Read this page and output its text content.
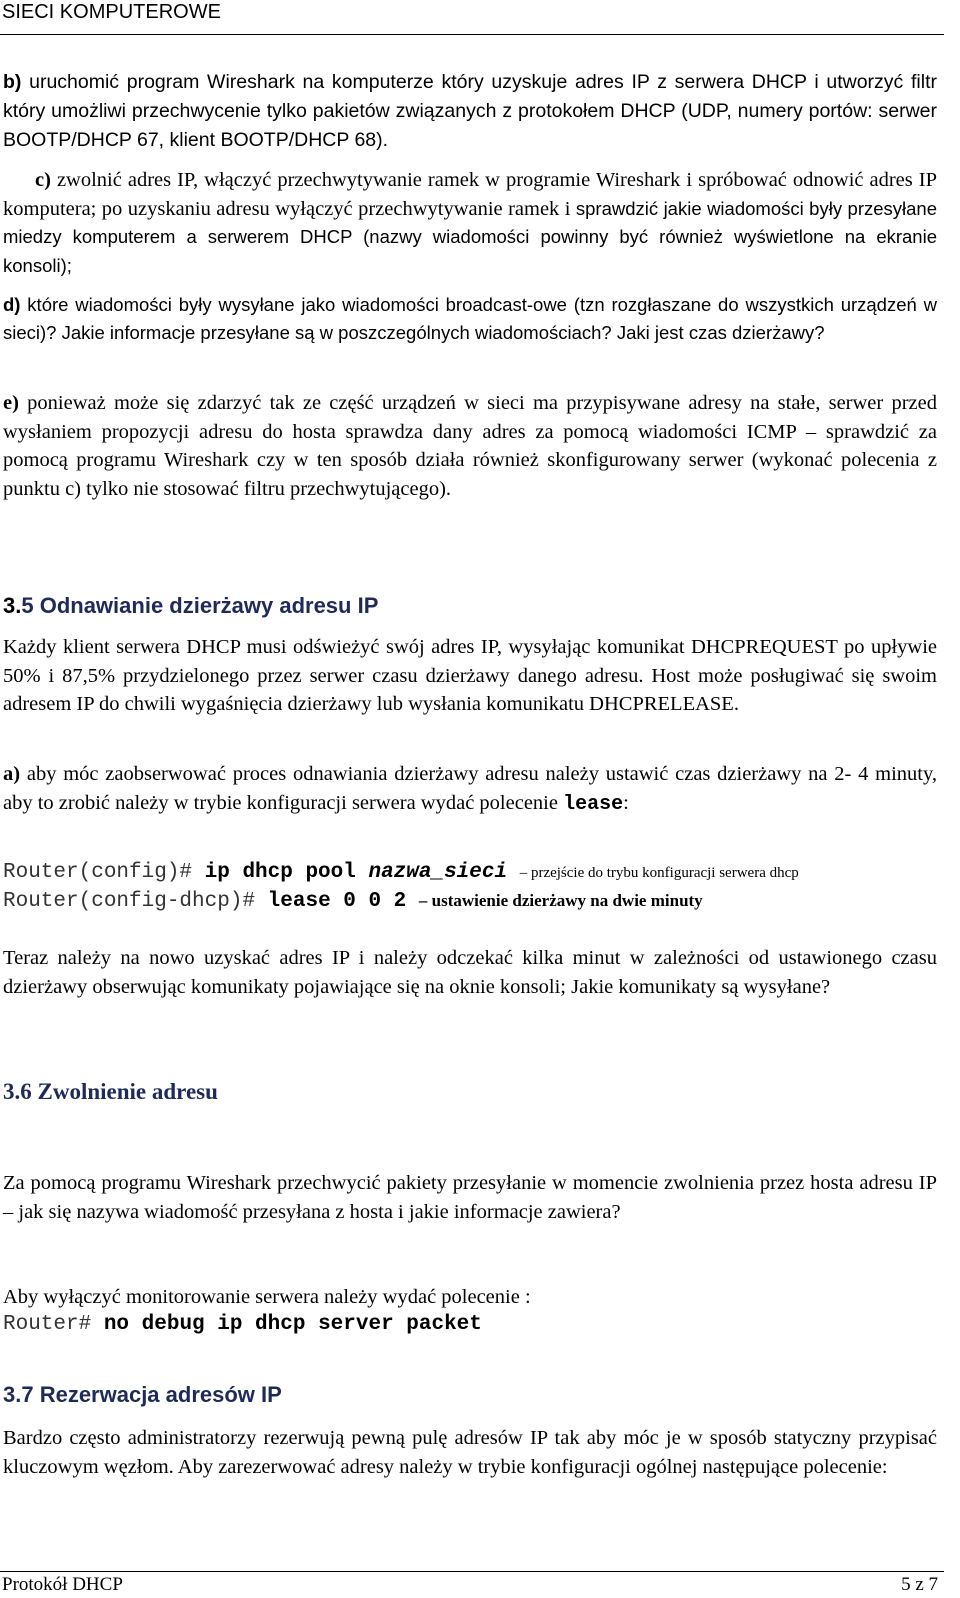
SIECI KOMPUTEROWE

b) uruchomić program Wireshark na komputerze który uzyskuje adres IP z serwera DHCP i utworzyć filtr który umożliwi przechwycenie tylko pakietów związanych z protokołem DHCP (UDP, numery portów: serwer BOOTP/DHCP 67, klient BOOTP/DHCP 68).

c) zwolnić adres IP, włączyć przechwytywanie ramek w programie Wireshark i spróbować odnowić adres IP komputera; po uzyskaniu adresu wyłączyć przechwytywanie ramek i sprawdzić jakie wiadomości były przesyłane miedzy komputerem a serwerem DHCP (nazwy wiadomości powinny być również wyświetlone na ekranie konsoli);

d) które wiadomości były wysyłane jako wiadomości broadcast-owe (tzn rozgłaszane do wszystkich urządzeń w sieci)? Jakie informacje przesyłane są w poszczególnych wiadomościach? Jaki jest czas dzierżawy?

e) ponieważ może się zdarzyć tak ze część urządzeń w sieci ma przypisywane adresy na stałe, serwer przed wysłaniem propozycji adresu do hosta sprawdza dany adres za pomocą wiadomości ICMP – sprawdzić za pomocą programu Wireshark czy w ten sposób działa również skonfigurowany serwer (wykonać polecenia z punktu c) tylko nie stosować filtru przechwytującego).

3.5 Odnawianie dzierżawy adresu IP

Każdy klient serwera DHCP musi odświeżyć swój adres IP, wysyłając komunikat DHCPREQUEST po upływie 50% i 87,5% przydzielonego przez serwer czasu dzierżawy danego adresu. Host może posługiwać się swoim adresem IP do chwili wygaśnięcia dzierżawy lub wysłania komunikatu DHCPRELEASE.

a) aby móc zaobserwować proces odnawiania dzierżawy adresu należy ustawić czas dzierżawy na 2- 4 minuty, aby to zrobić należy w trybie konfiguracji serwera wydać polecenie lease:

Router(config)# ip dhcp pool nazwa_sieci – przejście do trybu konfiguracji serwera dhcp
Router(config-dhcp)# lease 0 0 2 – ustawienie dzierżawy na dwie minuty

Teraz należy na nowo uzyskać adres IP i należy odczekać kilka minut w zależności od ustawionego czasu dzierżawy obserwując komunikaty pojawiające się na oknie konsoli; Jakie komunikaty są wysyłane?

3.6 Zwolnienie adresu

Za pomocą programu Wireshark przechwycić pakiety przesyłanie w momencie zwolnienia przez hosta adresu IP – jak się nazywa wiadomość przesyłana z hosta i jakie informacje zawiera?

Aby wyłączyć monitorowanie serwera należy wydać polecenie :

Router# no debug ip dhcp server packet
3.7 Rezerwacja adresów IP

Bardzo często administratorzy rezerwują pewną pulę adresów IP tak aby móc je w sposób statyczny przypisać kluczowym węzłom. Aby zarezerwować adresy należy w trybie konfiguracji ogólnej następujące polecenie:

Protokół DHCP	5 z 7
